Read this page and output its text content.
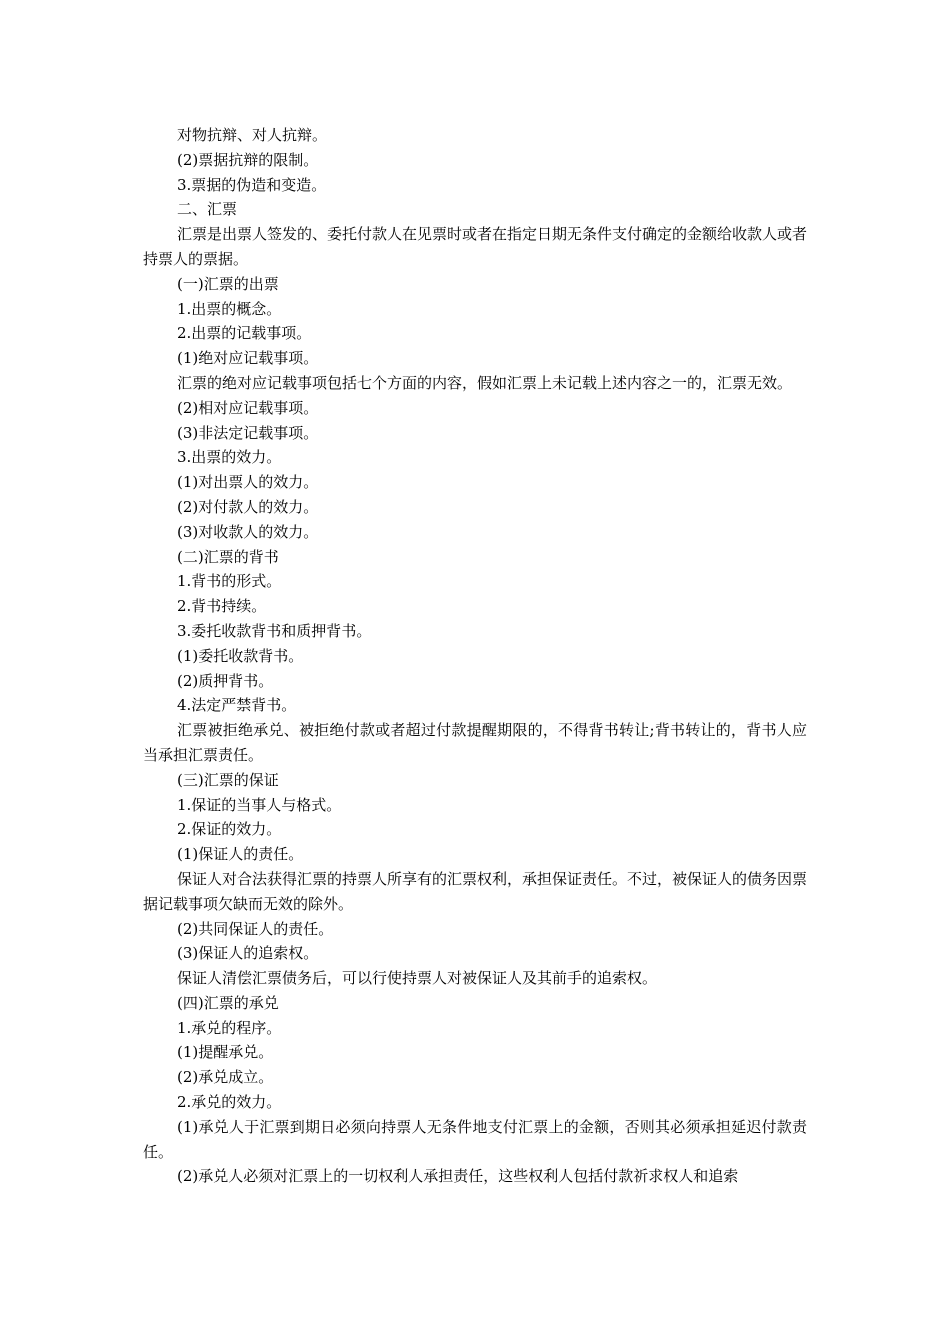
对物抗辩、对人抗辩。

(2)票据抗辩的限制。

3.票据的伪造和变造。

二、汇票

汇票是出票人签发的、委托付款人在见票时或者在指定日期无条件支付确定的金额给收款人或者持票人的票据。

(一)汇票的出票

1.出票的概念。

2.出票的记载事项。

(1)绝对应记载事项。

汇票的绝对应记载事项包括七个方面的内容，假如汇票上未记载上述内容之一的，汇票无效。

(2)相对应记载事项。

(3)非法定记载事项。

3.出票的效力。

(1)对出票人的效力。

(2)对付款人的效力。

(3)对收款人的效力。

(二)汇票的背书

1.背书的形式。

2.背书持续。

3.委托收款背书和质押背书。

(1)委托收款背书。

(2)质押背书。

4.法定严禁背书。

汇票被拒绝承兑、被拒绝付款或者超过付款提醒期限的，不得背书转让;背书转让的，背书人应当承担汇票责任。

(三)汇票的保证

1.保证的当事人与格式。

2.保证的效力。

(1)保证人的责任。

保证人对合法获得汇票的持票人所享有的汇票权利，承担保证责任。不过，被保证人的债务因票据记载事项欠缺而无效的除外。

(2)共同保证人的责任。

(3)保证人的追索权。

保证人清偿汇票债务后，可以行使持票人对被保证人及其前手的追索权。

(四)汇票的承兑

1.承兑的程序。

(1)提醒承兑。

(2)承兑成立。

2.承兑的效力。

(1)承兑人于汇票到期日必须向持票人无条件地支付汇票上的金额，否则其必须承担延迟付款责任。

(2)承兑人必须对汇票上的一切权利人承担责任，这些权利人包括付款祈求权人和追索
